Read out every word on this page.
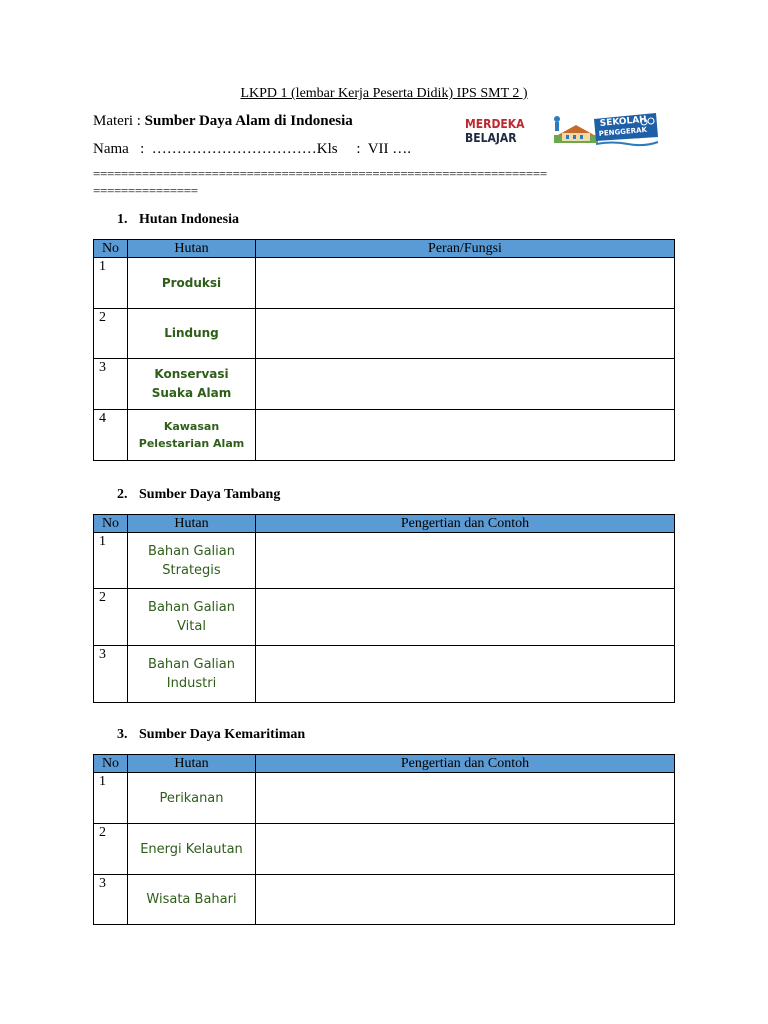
LKPD 1 (lembar Kerja Peserta Didik) IPS SMT 2 )
Materi : Sumber Daya Alam di Indonesia
Nama   :  ……………………………Kls     :  VII ….
=================================================================
===============
MERDEKA
BELAJAR
SEKOLAH
PENGGERAK
1. Hutan Indonesia
No	Hutan	Peran/Fungsi
1	Produksi	
2	Lindung	
3	Konservasi
Suaka Alam	

4	Kawasan
Pelestarian Alam	

2. Sumber Daya Tambang
No	Hutan	Pengertian dan Contoh
1	Bahan Galian
Strategis	

2	Bahan Galian
Vital	

3	Bahan Galian
Industri	

3. Sumber Daya Kemaritiman
No	Hutan	Pengertian dan Contoh
1	Perikanan	

2	Energi Kelautan	

3	Wisata Bahari	
